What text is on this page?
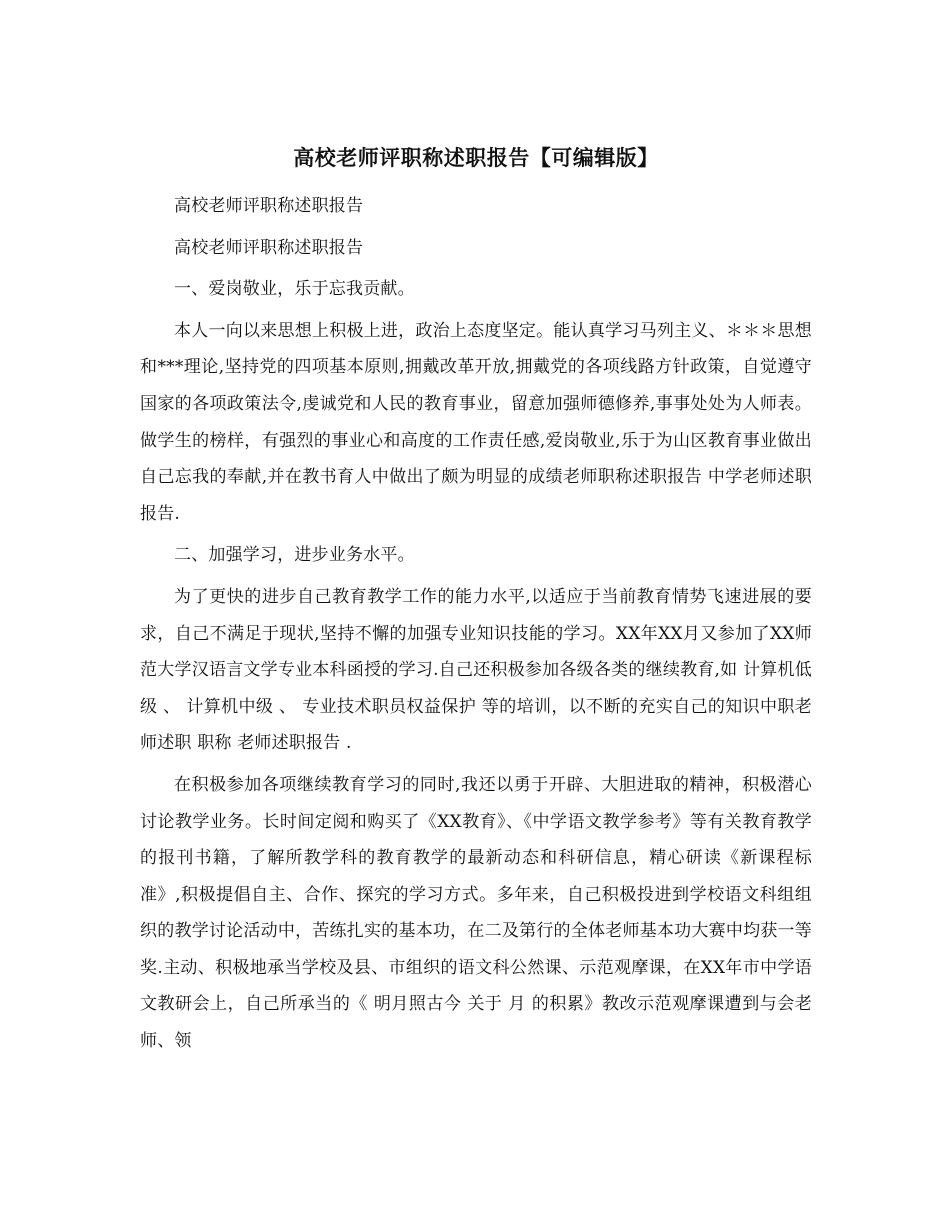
高校老师评职称述职报告【可编辑版】

高校老师评职称述职报告

高校老师评职称述职报告

一、爱岗敬业，乐于忘我贡献。

本人一向以来思想上积极上进，政治上态度坚定。能认真学习马列主义、＊＊＊思想和***理论,坚持党的四项基本原则,拥戴改革开放,拥戴党的各项线路方针政策，自觉遵守国家的各项政策法令,虔诚党和人民的教育事业，留意加强师德修养,事事处处为人师表。做学生的榜样，有强烈的事业心和高度的工作责任感,爱岗敬业,乐于为山区教育事业做出自己忘我的奉献,并在教书育人中做出了颇为明显的成绩老师职称述职报告 中学老师述职报告.

二、加强学习，进步业务水平。

为了更快的进步自己教育教学工作的能力水平,以适应于当前教育情势飞速进展的要求，自己不满足于现状,坚持不懈的加强专业知识技能的学习。XX年XX月又参加了XX师范大学汉语言文学专业本科函授的学习.自己还积极参加各级各类的继续教育,如 计算机低级 、 计算机中级 、 专业技术职员权益保护 等的培训，以不断的充实自己的知识中职老师述职 职称 老师述职报告 .

在积极参加各项继续教育学习的同时,我还以勇于开辟、大胆进取的精神，积极潜心讨论教学业务。长时间定阅和购买了《XX教育》、《中学语文教学参考》等有关教育教学的报刊书籍，了解所教学科的教育教学的最新动态和科研信息，精心研读《新课程标准》,积极提倡自主、合作、探究的学习方式。多年来，自己积极投进到学校语文科组组织的教学讨论活动中，苦练扎实的基本功，在二及第行的全体老师基本功大赛中均获一等奖.主动、积极地承当学校及县、市组织的语文科公然课、示范观摩课，在XX年市中学语文教研会上，自己所承当的《 明月照古今 关于 月 的积累》教改示范观摩课遭到与会老师、领
